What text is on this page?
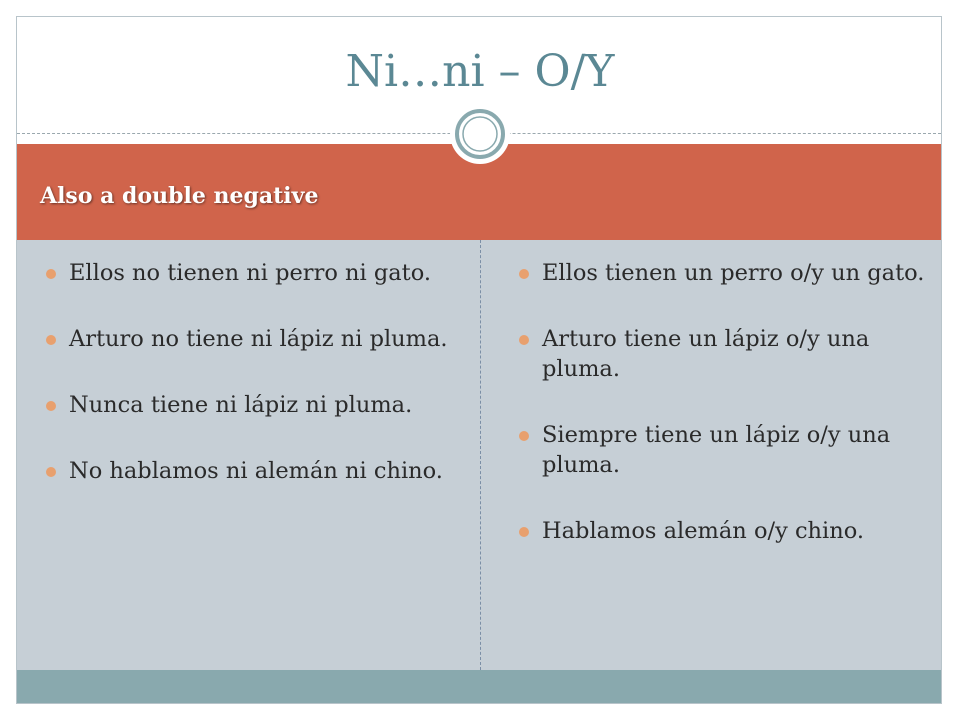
Ni…ni – O/Y
Also a double negative
Ellos no tienen ni perro ni gato.
Arturo no tiene ni lápiz ni pluma.
Nunca tiene ni lápiz ni pluma.
No hablamos ni alemán ni chino.
Ellos tienen un perro o/y un gato.
Arturo tiene un lápiz o/y una pluma.
Siempre tiene un lápiz o/y una pluma.
Hablamos alemán o/y chino.
